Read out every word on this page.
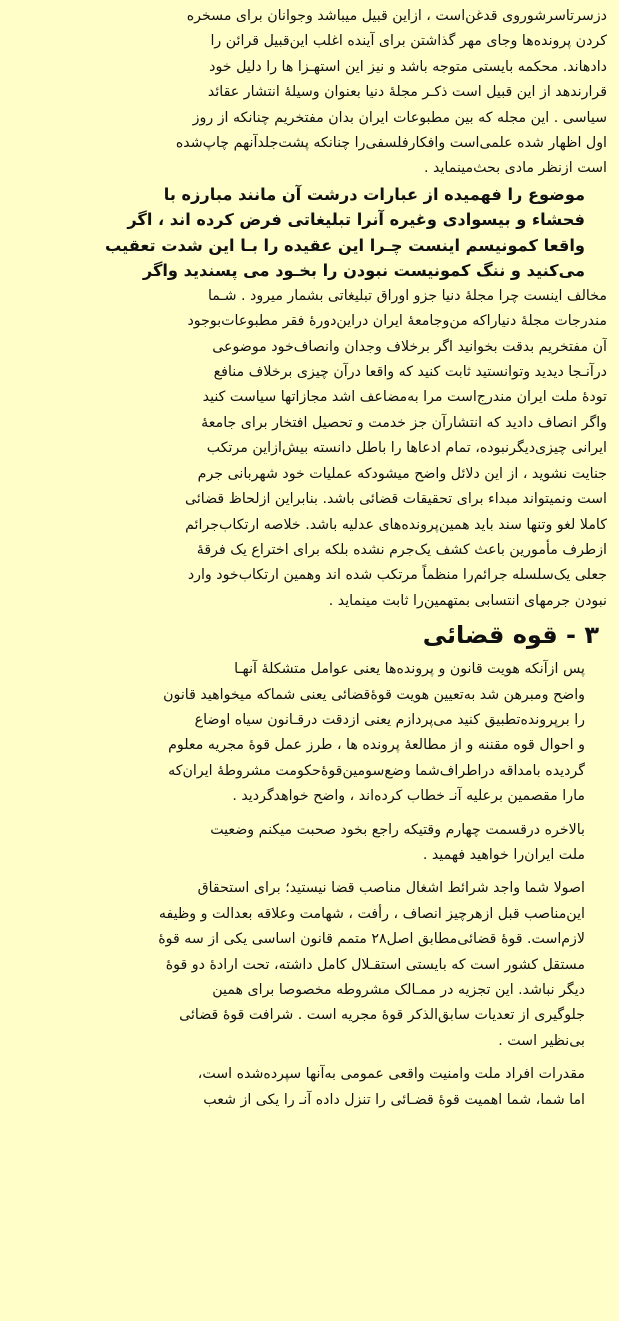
دزسرتاسرشوروی قدغن‌است ، ازاین قبیل میباشد وجوانان برای مسخره

کردن پرونده‌ها وجای مهر گذاشتن برای آینده اغلب این‌قبیل قرائن را

دادهاند. محکمه بایستی متوجه باشد و نیز این استهـزا ها را دلیل خود

قرارندهد از این قبیل است ذکـر مجلهٔ دنیا بعنوان وسیلهٔ انتشار عقائد

سیاسی . این مجله که بین مطبوعات ایران بدان مفتخریم چنانکه از روز

اول اظهار شده علمی‌است وافکارفلسفی‌را چنانکه پشت‌جلدآنهم چاپ‌شده

است ازنظر مادی بحث‌مینماید .

موضوع را فهمیده از عبارات درشت آن مانند مبارزه با

فحشاء و بیسوادی وغیره آنرا تبلیغاتی فرض کرده اند ، اگر

واقعا کمونیسم اینست چـرا این عقیده را بـا این شدت تعقیب

می‌کنید و ننگ کمونیست نبودن را بخـود می پسندید واگر

مخالف اینست چرا مجلهٔ دنیا جزو اوراق تبلیغاتی بشمار میرود . شـما

مندرجات مجلهٔ دنیاراکه من‌وجامعهٔ ایران دراین‌دورهٔ فقر مطبوعات‌بوجود

آن مفتخریم بدقت بخوانید اگر برخلاف وجدان وانصاف‌خود موضوعی

درآنـجا دیدید وتوانستید ثابت کنید که واقعا درآن چیزی برخلاف منافع

تودهٔ ملت ایران مندرج‌است مرا به‌مضاعف اشد مجازاتها سیاست کنید

واگر انصاف دادید که انتشارآن جز خدمت و تحصیل افتخار برای جامعهٔ

ایرانی چیزی‌دیگرنبوده، تمام ادعاها را باطل دانسته بیش‌ازاین مرتکب

جنایت نشوید ، از این دلائل واضح میشودکه عملیات خود شهربانی جرم

است ونمیتواند مبداء برای تحقیقات قضائی باشد. بنابراین ازلحاظ قضائی

کاملا لغو وتنها سند باید همین‌پرونده‌های عدلیه باشد. خلاصه ارتکاب‌جرائم

ازطرف مأمورین باعث کشف یک‌جرم نشده بلکه برای اختراع یک فرقهٔ

جعلی یک‌سلسله جرائم‌را منظماً مرتکب شده اند وهمین ارتکاب‌خود وارد

نبودن جرمهای انتسابی بمتهمین‌را ثابت مینماید .

۳ - قوه قضائی

پس ازآنکه هویت قانون و پرونده‌ها یعنی عوامل متشکلهٔ آنهـا

واضح ومبرهن شد به‌تعیین هویت قوهٔ‌قضائی یعنی شماکه میخواهید قانون

را برپرونده‌تطبیق کنید می‌پردازم یعنی ازدقت درقـانون سیاه اوضاع

و احوال قوه مقننه و از مطالعهٔ پرونده ها ، طرز عمل قوهٔ مجریه معلوم

گردیده بامداقه دراطراف‌شما وضع‌سومین‌قوهٔ‌حکومت مشروطهٔ ایران‌که

مارا مقصمین برعلیه آنـ خطاب کرده‌اند ، واضح خواهدگردید .

بالاخره درقسمت چهارم وقتیکه راجع بخود صحبت میکنم وضعیت

ملت ایران‌را خواهید فهمید .

اصولا شما واجد شرائط اشغال مناصب قضا نیستید؛ برای استحقاق

این‌مناصب قبل ازهرچیز انصاف ، رأفت ، شهامت وعلاقه بعدالت و وظیفه

لازم‌است. قوهٔ قضائی‌مطابق اصل۲۸ متمم قانون اساسی یکی از سه قوهٔ

مستقل کشور است که بایستی استقـلال کامل داشته، تحت ارادهٔ دو قوهٔ

دیگر نباشد. این تجزیه در ممـالک مشروطه مخصوصا برای همین

جلوگیری از تعدیات سابق‌الذکر قوهٔ مجریه است . شرافت قوهٔ قضائی

بی‌نظیر است .

مقدرات افراد ملت وامنیت واقعی عمومی به‌آنها سپرده‌شده است،

اما شما، شما اهمیت قوهٔ قضـائی را تنزل داده آنـ را یکی از شعب
